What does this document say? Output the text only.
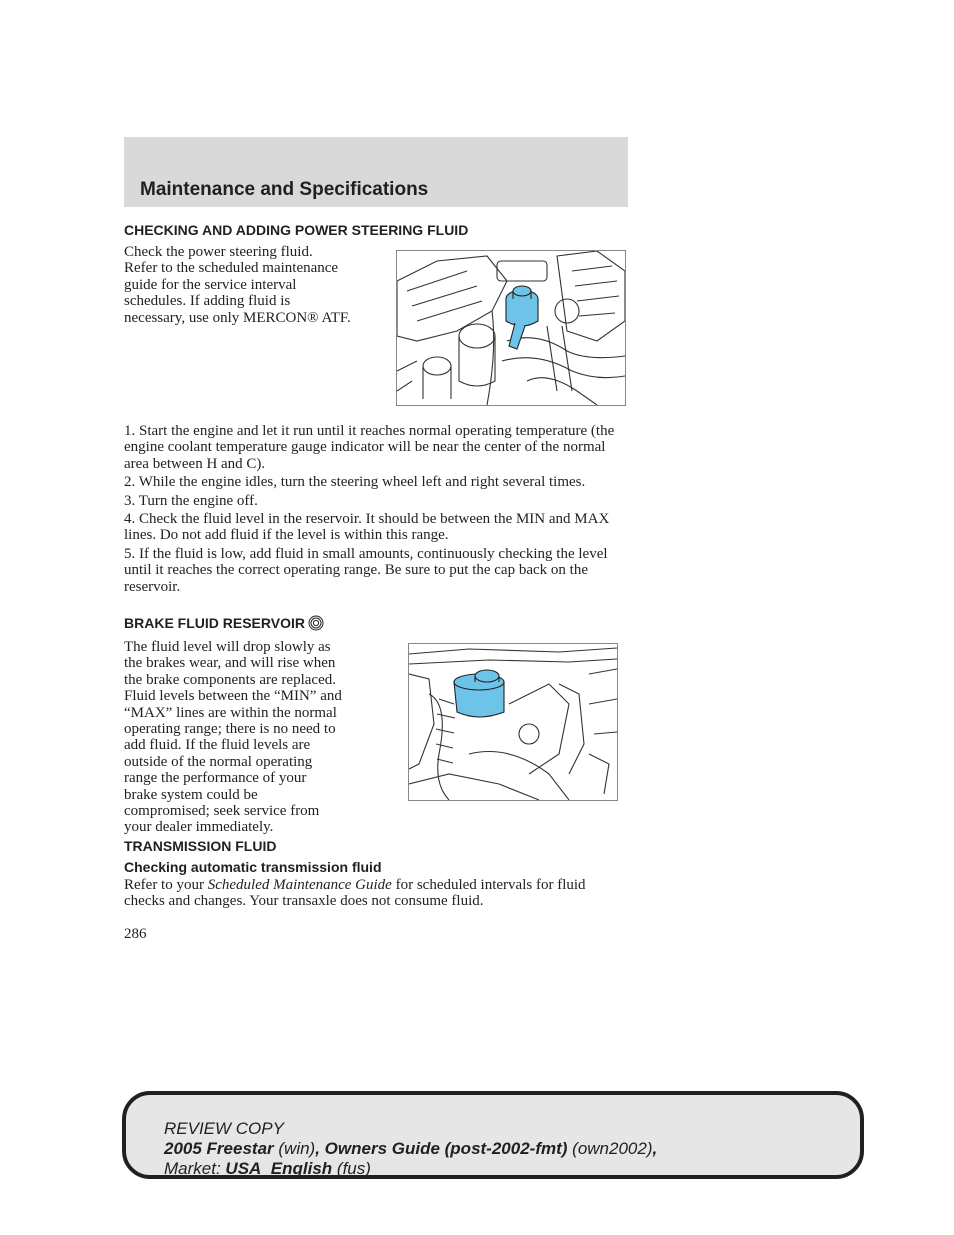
Maintenance and Specifications
CHECKING AND ADDING POWER STEERING FLUID
Check the power steering fluid.
Refer to the scheduled maintenance
guide for the service interval
schedules. If adding fluid is
necessary, use only MERCON® ATF.

1. Start the engine and let it run until it reaches normal operating temperature (the engine coolant temperature gauge indicator will be near the center of the normal area between H and C).

2. While the engine idles, turn the steering wheel left and right several times.

3. Turn the engine off.

4. Check the fluid level in the reservoir. It should be between the MIN and MAX lines. Do not add fluid if the level is within this range.

5. If the fluid is low, add fluid in small amounts, continuously checking the level until it reaches the correct operating range. Be sure to put the cap back on the reservoir.

BRAKE FLUID RESERVOIR
The fluid level will drop slowly as
the brakes wear, and will rise when
the brake components are replaced.
Fluid levels between the “MIN” and
“MAX” lines are within the normal
operating range; there is no need to
add fluid. If the fluid levels are
outside of the normal operating
range the performance of your
brake system could be
compromised; seek service from
your dealer immediately.
TRANSMISSION FLUID
Checking automatic transmission fluid

Refer to your Scheduled Maintenance Guide for scheduled intervals for fluid checks and changes. Your transaxle does not consume fluid.

286

REVIEW COPY
2005 Freestar (win), Owners Guide (post-2002-fmt) (own2002),
Market: USA_English (fus)
